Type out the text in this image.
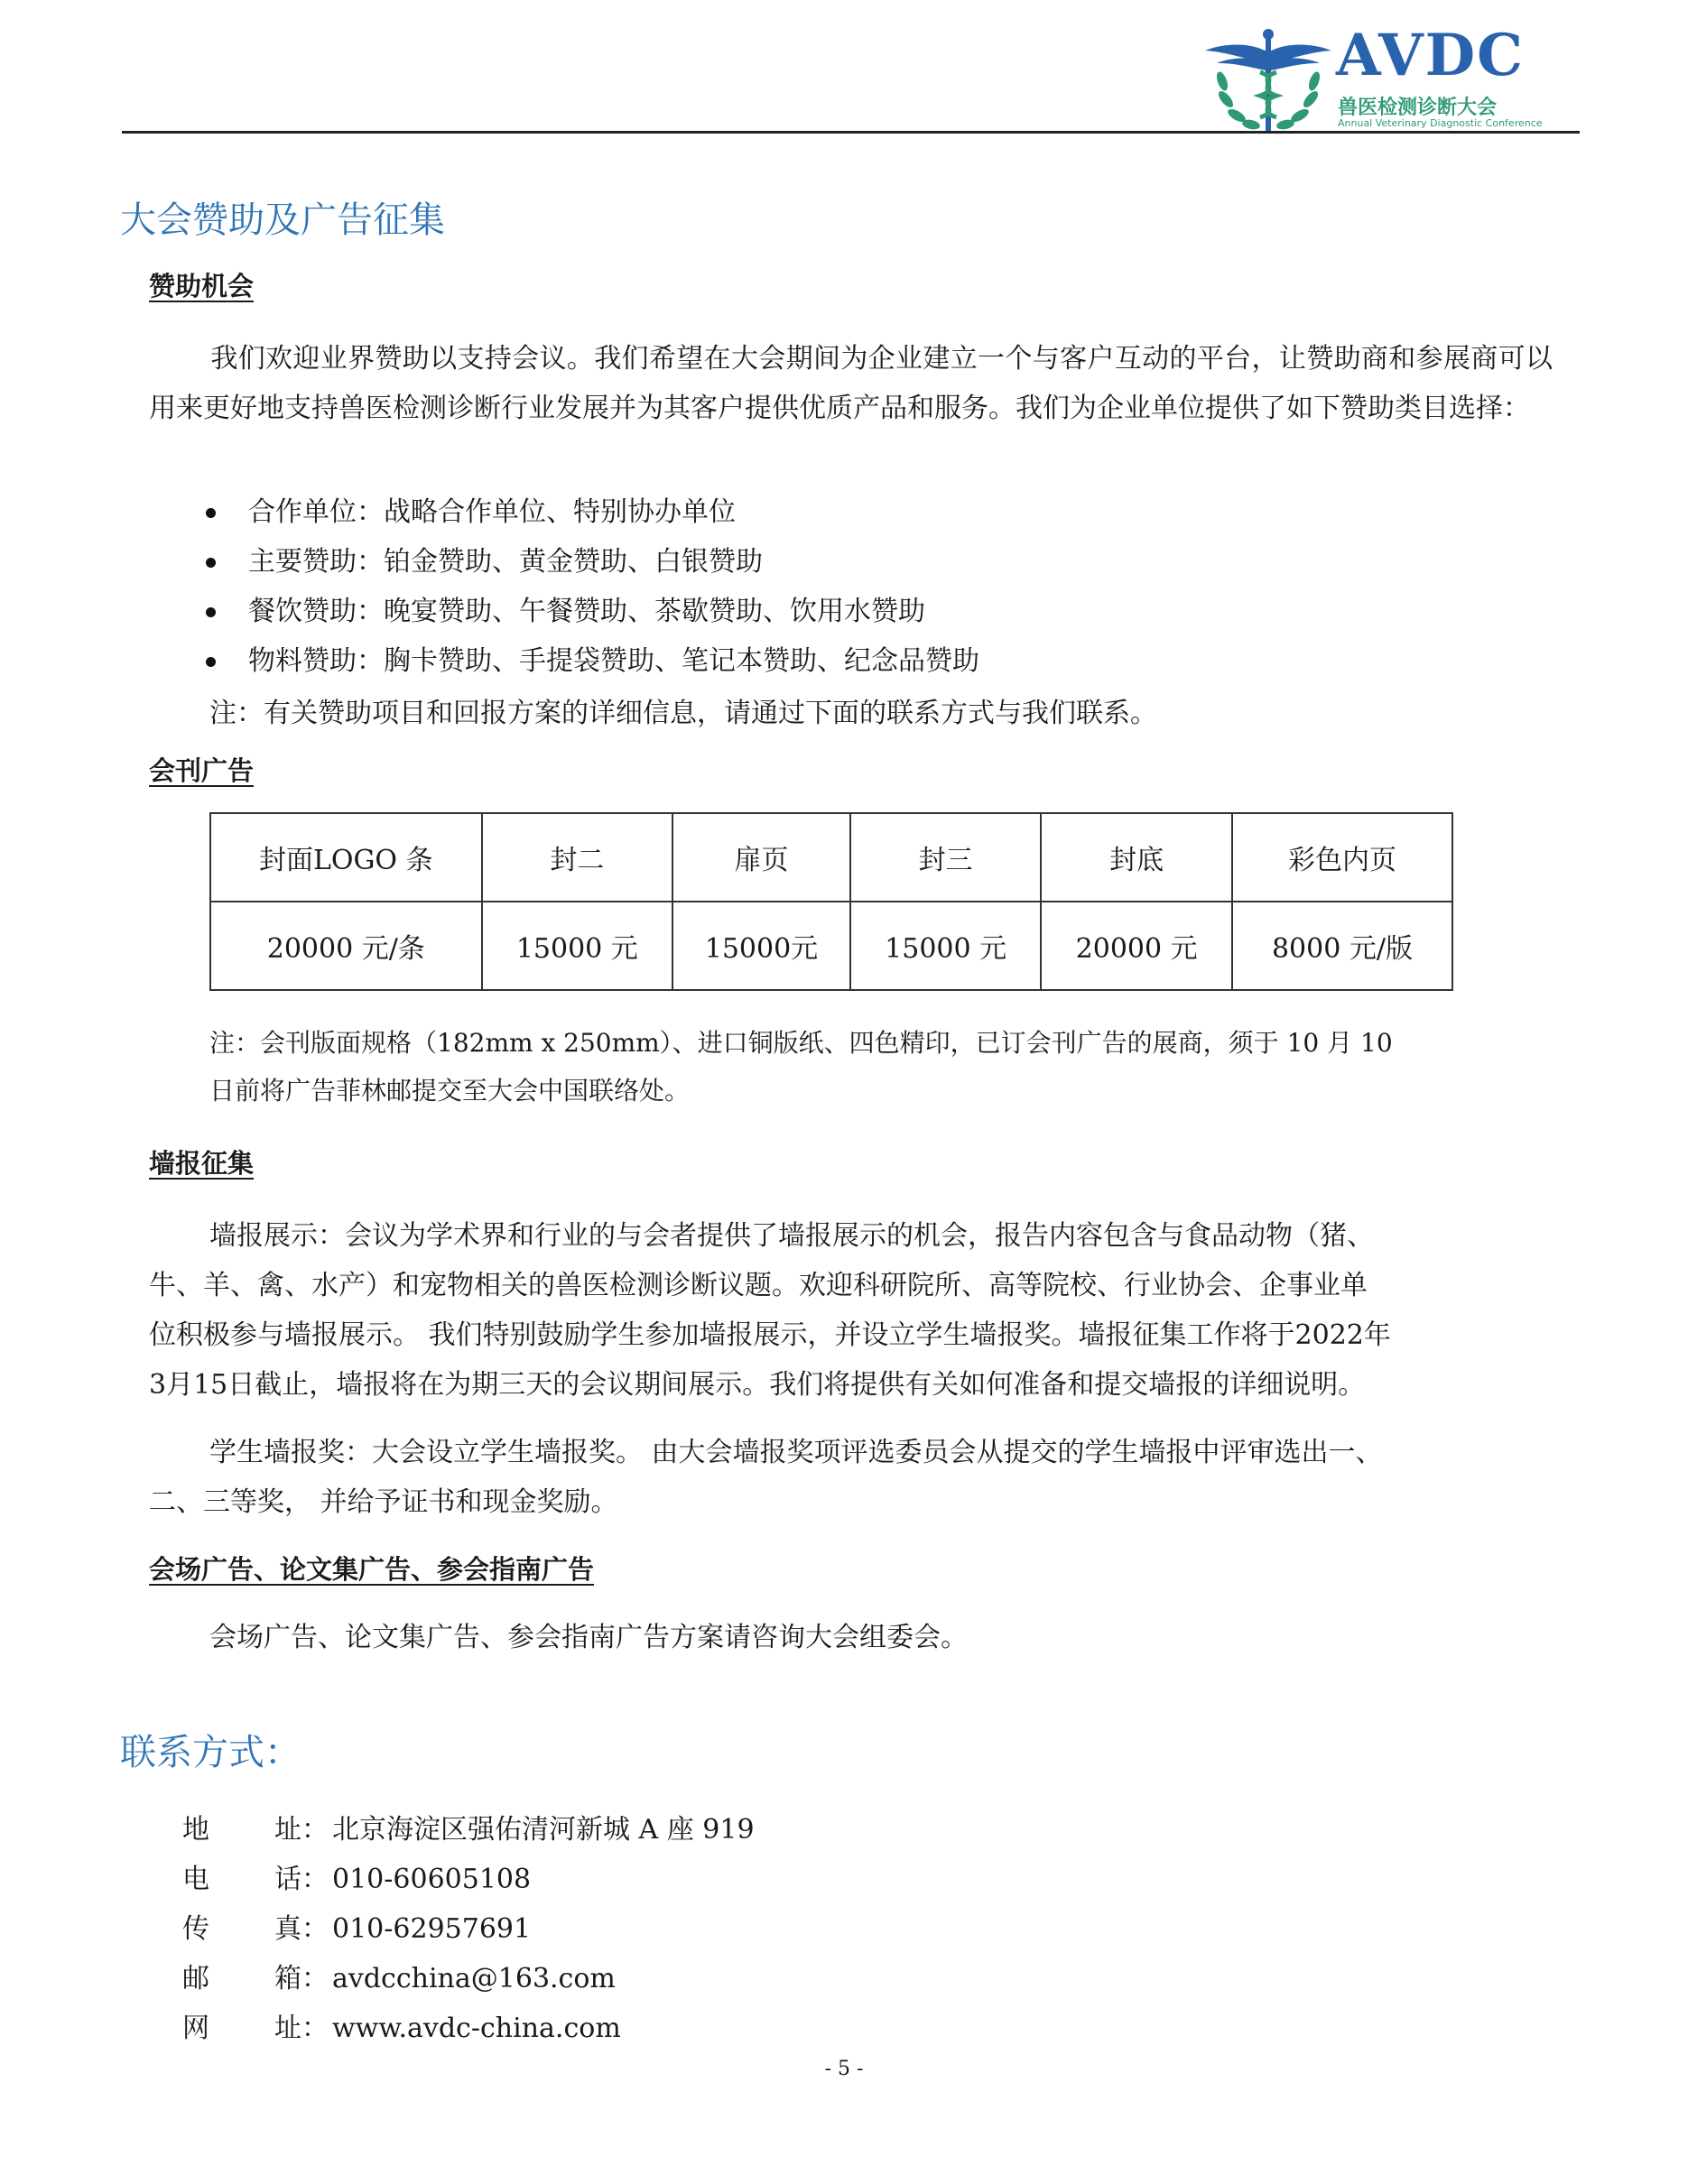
AVDC
兽医检测诊断大会
Annual Veterinary Diagnostic Conference
大会赞助及广告征集
赞助机会
我们欢迎业界赞助以支持会议。我们希望在大会期间为企业建立一个与客户互动的平台，让赞助商和参展商可以用来更好地支持兽医检测诊断行业发展并为其客户提供优质产品和服务。我们为企业单位提供了如下赞助类目选择：
合作单位：战略合作单位、特别协办单位
主要赞助：铂金赞助、黄金赞助、白银赞助
餐饮赞助：晚宴赞助、午餐赞助、茶歇赞助、饮用水赞助
物料赞助：胸卡赞助、手提袋赞助、笔记本赞助、纪念品赞助
注：有关赞助项目和回报方案的详细信息，请通过下面的联系方式与我们联系。
会刊广告
封面LOGO 条	封二	扉页	封三	封底	彩色内页
20000 元/条	15000 元	15000元	15000 元	20000 元	8000 元/版
注：会刊版面规格（182mm x 250mm）、进口铜版纸、四色精印，已订会刊广告的展商，须于 10 月 10
日前将广告菲林邮提交至大会中国联络处。
墙报征集
墙报展示：会议为学术界和行业的与会者提供了墙报展示的机会，报告内容包含与食品动物（猪、
牛、羊、禽、水产）和宠物相关的兽医检测诊断议题。欢迎科研院所、高等院校、行业协会、企事业单
位积极参与墙报展示。 我们特别鼓励学生参加墙报展示，并设立学生墙报奖。墙报征集工作将于2022年
3月15日截止，墙报将在为期三天的会议期间展示。我们将提供有关如何准备和提交墙报的详细说明。
学生墙报奖：大会设立学生墙报奖。 由大会墙报奖项评选委员会从提交的学生墙报中评审选出一、
二、三等奖， 并给予证书和现金奖励。
会场广告、论文集广告、参会指南广告
会场广告、论文集广告、参会指南广告方案请咨询大会组委会。
联系方式：
地址： 北京海淀区强佑清河新城 A 座 919
电话： 010-60605108
传真： 010-62957691
邮箱： avdcchina@163.com
网址： www.avdc-china.com
- 5 -
